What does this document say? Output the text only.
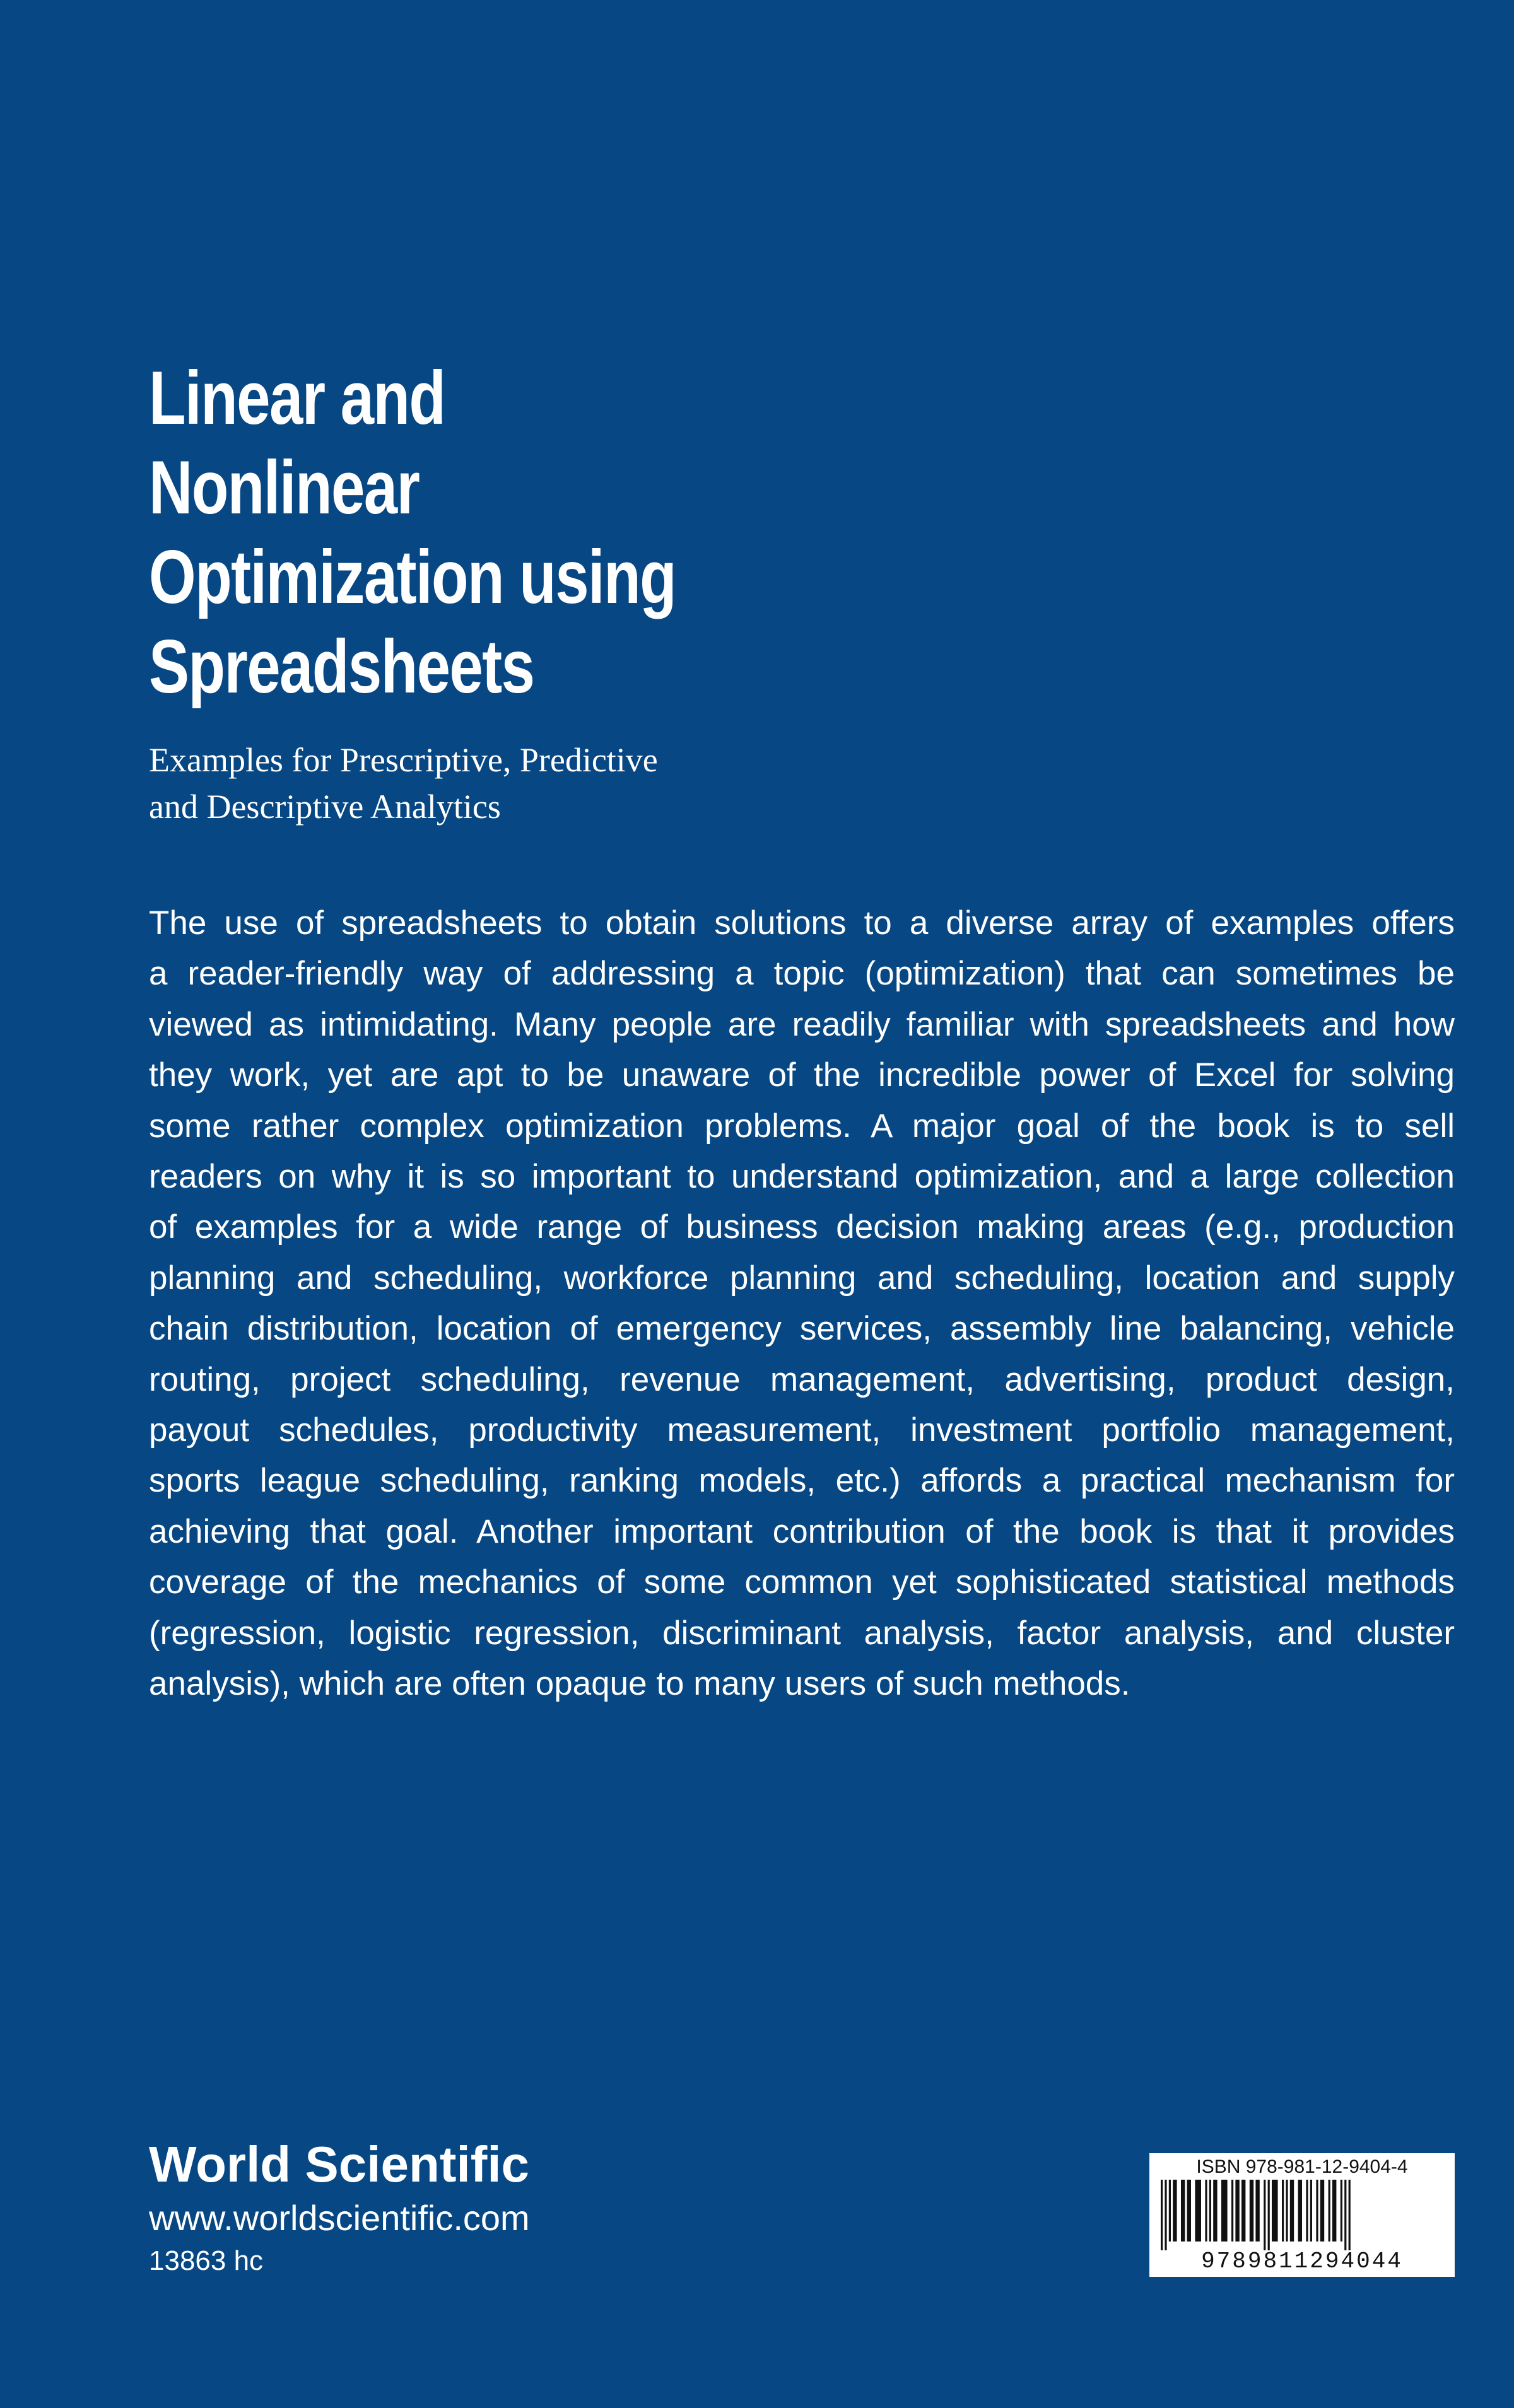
Linear and
Nonlinear
Optimization using
Spreadsheets
Examples for Prescriptive, Predictive
and Descriptive Analytics
The use of spreadsheets to obtain solutions to a diverse array of examples offers
a reader-friendly way of addressing a topic (optimization) that can sometimes be
viewed as intimidating. Many people are readily familiar with spreadsheets and how
they work, yet are apt to be unaware of the incredible power of Excel for solving
some rather complex optimization problems. A major goal of the book is to sell
readers on why it is so important to understand optimization, and a large collection
of examples for a wide range of business decision making areas (e.g., production
planning and scheduling, workforce planning and scheduling, location and supply
chain distribution, location of emergency services, assembly line balancing, vehicle
routing, project scheduling, revenue management, advertising, product design,
payout schedules, productivity measurement, investment portfolio management,
sports league scheduling, ranking models, etc.) affords a practical mechanism for
achieving that goal. Another important contribution of the book is that it provides
coverage of the mechanics of some common yet sophisticated statistical methods
(regression, logistic regression, discriminant analysis, factor analysis, and cluster
analysis), which are often opaque to many users of such methods.
World Scientific
www.worldscientific.com
13863 hc
ISBN 978-981-12-9404-4
9789811294044
